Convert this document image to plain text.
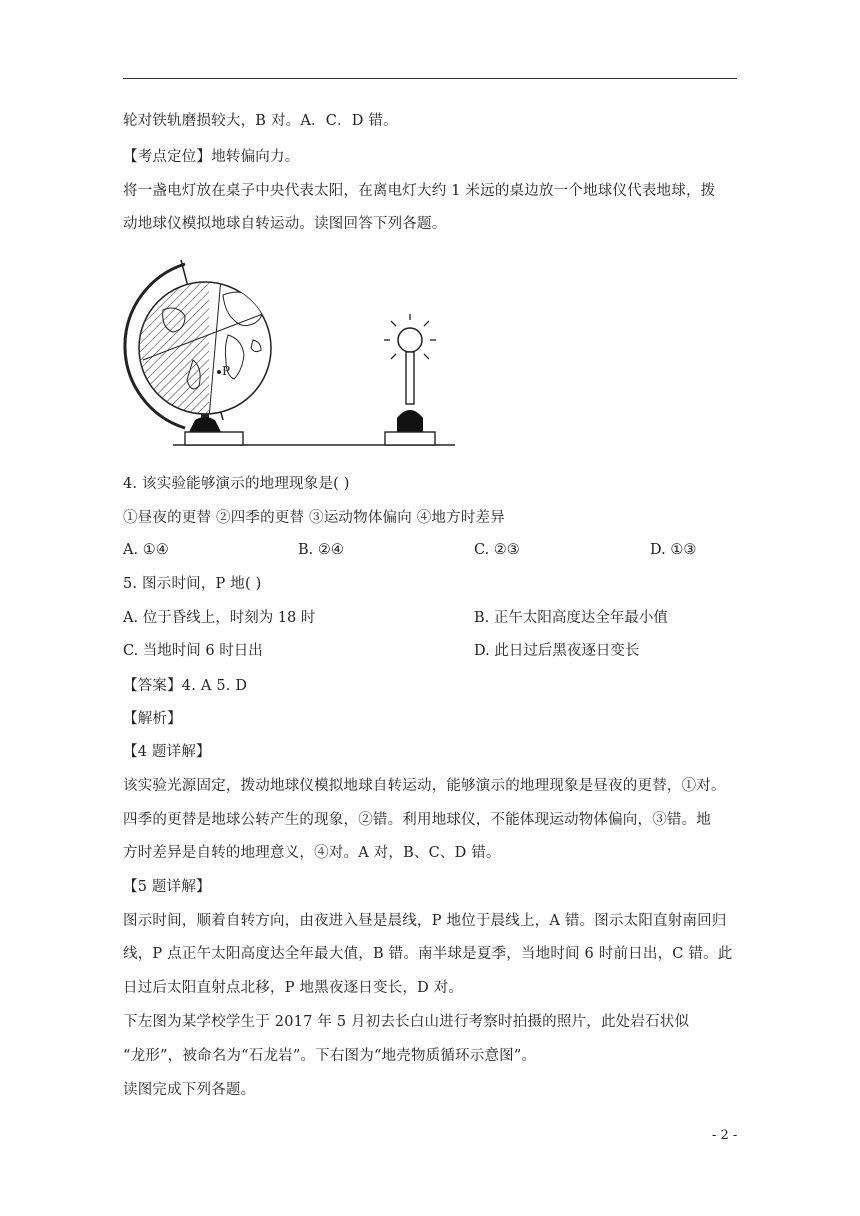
轮对铁轨磨损较大，B 对。A．C．D 错。
【考点定位】地转偏向力。
将一盏电灯放在桌子中央代表太阳，在离电灯大约 1 米远的桌边放一个地球仪代表地球，拨
动地球仪模拟地球自转运动。读图回答下列各题。
P
4. 该实验能够演示的地理现象是( )
①昼夜的更替 ②四季的更替 ③运动物体偏向 ④地方时差异
A. ①④	B. ②④	C. ②③	D. ①③
5. 图示时间，P 地( )
A. 位于昏线上，时刻为 18 时	B. 正午太阳高度达全年最小值
C. 当地时间 6 时日出	D. 此日过后黑夜逐日变长
【答案】4. A 5. D
【解析】
【4 题详解】
该实验光源固定，拨动地球仪模拟地球自转运动，能够演示的地理现象是昼夜的更替，①对。
四季的更替是地球公转产生的现象，②错。利用地球仪，不能体现运动物体偏向，③错。地
方时差异是自转的地理意义，④对。A 对，B、C、D 错。
【5 题详解】
图示时间，顺着自转方向，由夜进入昼是晨线，P 地位于晨线上，A 错。图示太阳直射南回归
线，P 点正午太阳高度达全年最大值，B 错。南半球是夏季，当地时间 6 时前日出，C 错。此
日过后太阳直射点北移，P 地黑夜逐日变长，D 对。
下左图为某学校学生于 2017 年 5 月初去长白山进行考察时拍摄的照片，此处岩石状似
“龙形”，被命名为“石龙岩”。下右图为“地壳物质循环示意图”。
读图完成下列各题。
- 2 -
